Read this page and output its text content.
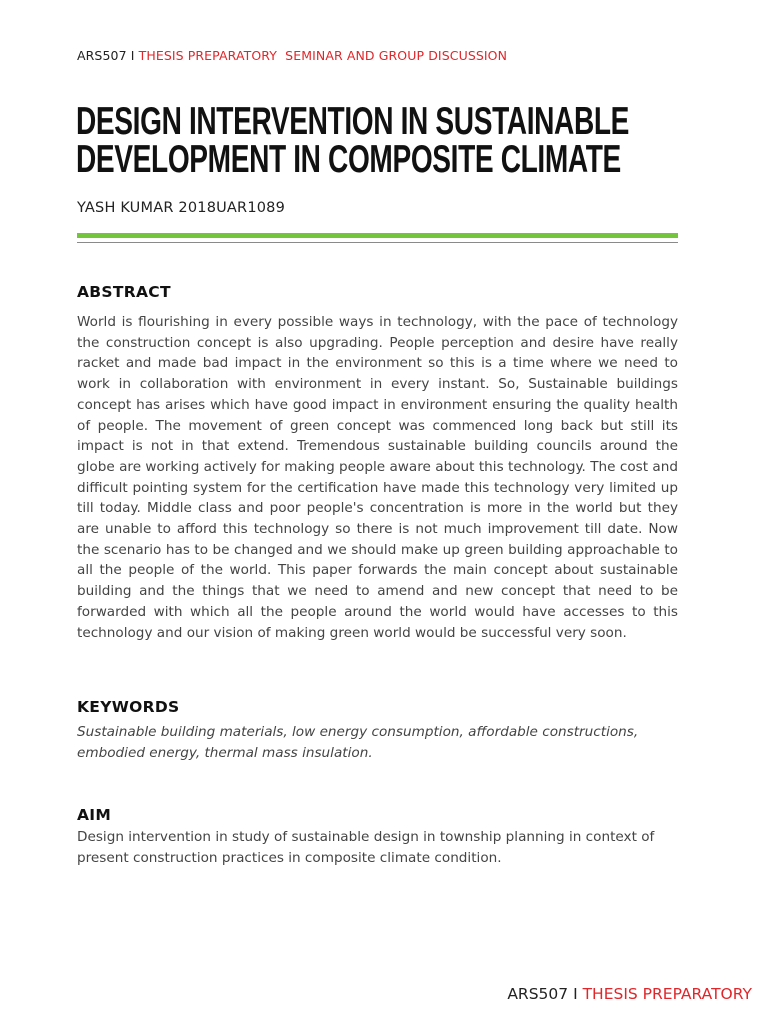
ARS507 I THESIS PREPARATORY  SEMINAR AND GROUP DISCUSSION
DESIGN INTERVENTION IN SUSTAINABLE
DEVELOPMENT IN COMPOSITE CLIMATE
YASH KUMAR 2018UAR1089
ABSTRACT

World is flourishing in every possible ways in technology, with the pace of technology the construction concept is also upgrading. People perception and desire have really racket and made bad impact in the environment so this is a time where we need to work in collaboration with environment in every instant. So, Sustainable buildings concept has arises which have good impact in environment ensuring the quality health of people. The movement of green concept was commenced long back but still its impact is not in that extend. Tremendous sustainable building councils around the globe are working actively for making people aware about this technology. The cost and difficult pointing system for the certification have made this technology very limited up till today. Middle class and poor people's concentration is more in the world but they are unable to afford this technology so there is not much improvement till date. Now the scenario has to be changed and we should make up green building approachable to all the people of the world. This paper forwards the main concept about sustainable building and the things that we need to amend and new concept that need to be forwarded with which all the people around the world would have accesses to this technology and our vision of making green world would be successful very soon.

KEYWORDS

Sustainable building materials, low energy consumption, affordable constructions, embodied energy, thermal mass insulation.

AIM

Design intervention in study of sustainable design in township planning in context of present construction practices in composite climate condition.

ARS507 I THESIS PREPARATORY
